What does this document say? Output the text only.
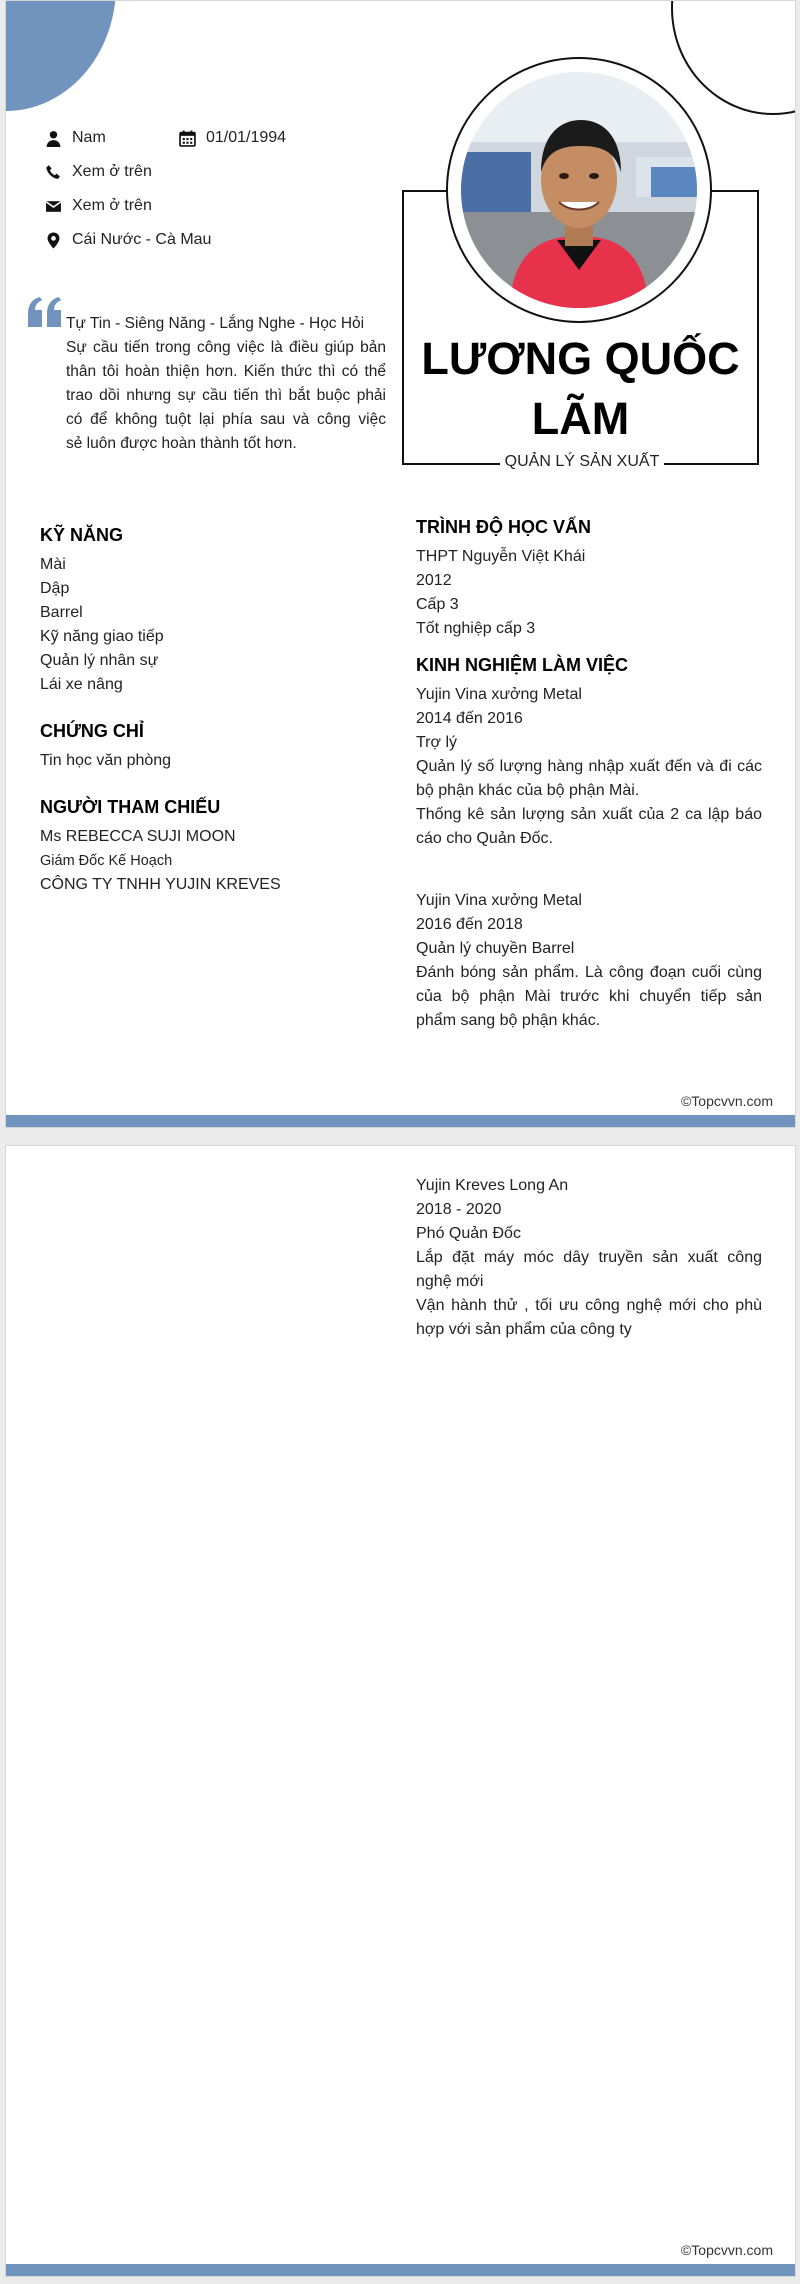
Nam	01/01/1994
Xem ở trên
Xem ở trên
Cái Nước - Cà Mau
Tự Tin - Siêng Năng - Lắng Nghe - Học Hỏi
Sự cầu tiến trong công việc là điều giúp bản
thân tôi hoàn thiện hơn. Kiến thức thì có thể
trao dồi nhưng sự cầu tiến thì bắt buộc phải
có để không tuột lại phía sau và công việc
sẻ luôn được hoàn thành tốt hơn.
LƯƠNG QUỐC LÃM
QUẢN LÝ SẢN XUẤT
KỸ NĂNG
Mài
Dập
Barrel
Kỹ năng giao tiếp
Quản lý nhân sự
Lái xe nâng
CHỨNG CHỈ
Tin học văn phòng
NGƯỜI THAM CHIẾU
Ms REBECCA SUJI MOON
Giám Đốc Kế Hoạch
CÔNG TY TNHH YUJIN KREVES
TRÌNH ĐỘ HỌC VẤN
THPT Nguyễn Việt Khái
2012
Cấp 3
Tốt nghiệp cấp 3
KINH NGHIỆM LÀM VIỆC
Yujin Vina xưởng Metal
2014 đến 2016
Trợ lý
Quản lý số lượng hàng nhập xuất đến và đi các
bộ phận khác của bộ phận Mài.
Thống kê sản lượng sản xuất của 2 ca lập báo
cáo cho Quản Đốc.
Yujin Vina xưởng Metal
2016 đến 2018
Quản lý chuyền Barrel
Đánh bóng sản phẩm. Là công đoạn cuối cùng
của bộ phận Mài trước khi chuyển tiếp sản
phẩm sang bộ phận khác.
©Topcvvn.com
Yujin Kreves Long An
2018 - 2020
Phó Quản Đốc
Lắp đặt máy móc dây truyền sản xuất công
nghệ mới
Vận hành thử , tối ưu công nghệ mới cho phù
hợp với sản phẩm của công ty
©Topcvvn.com
